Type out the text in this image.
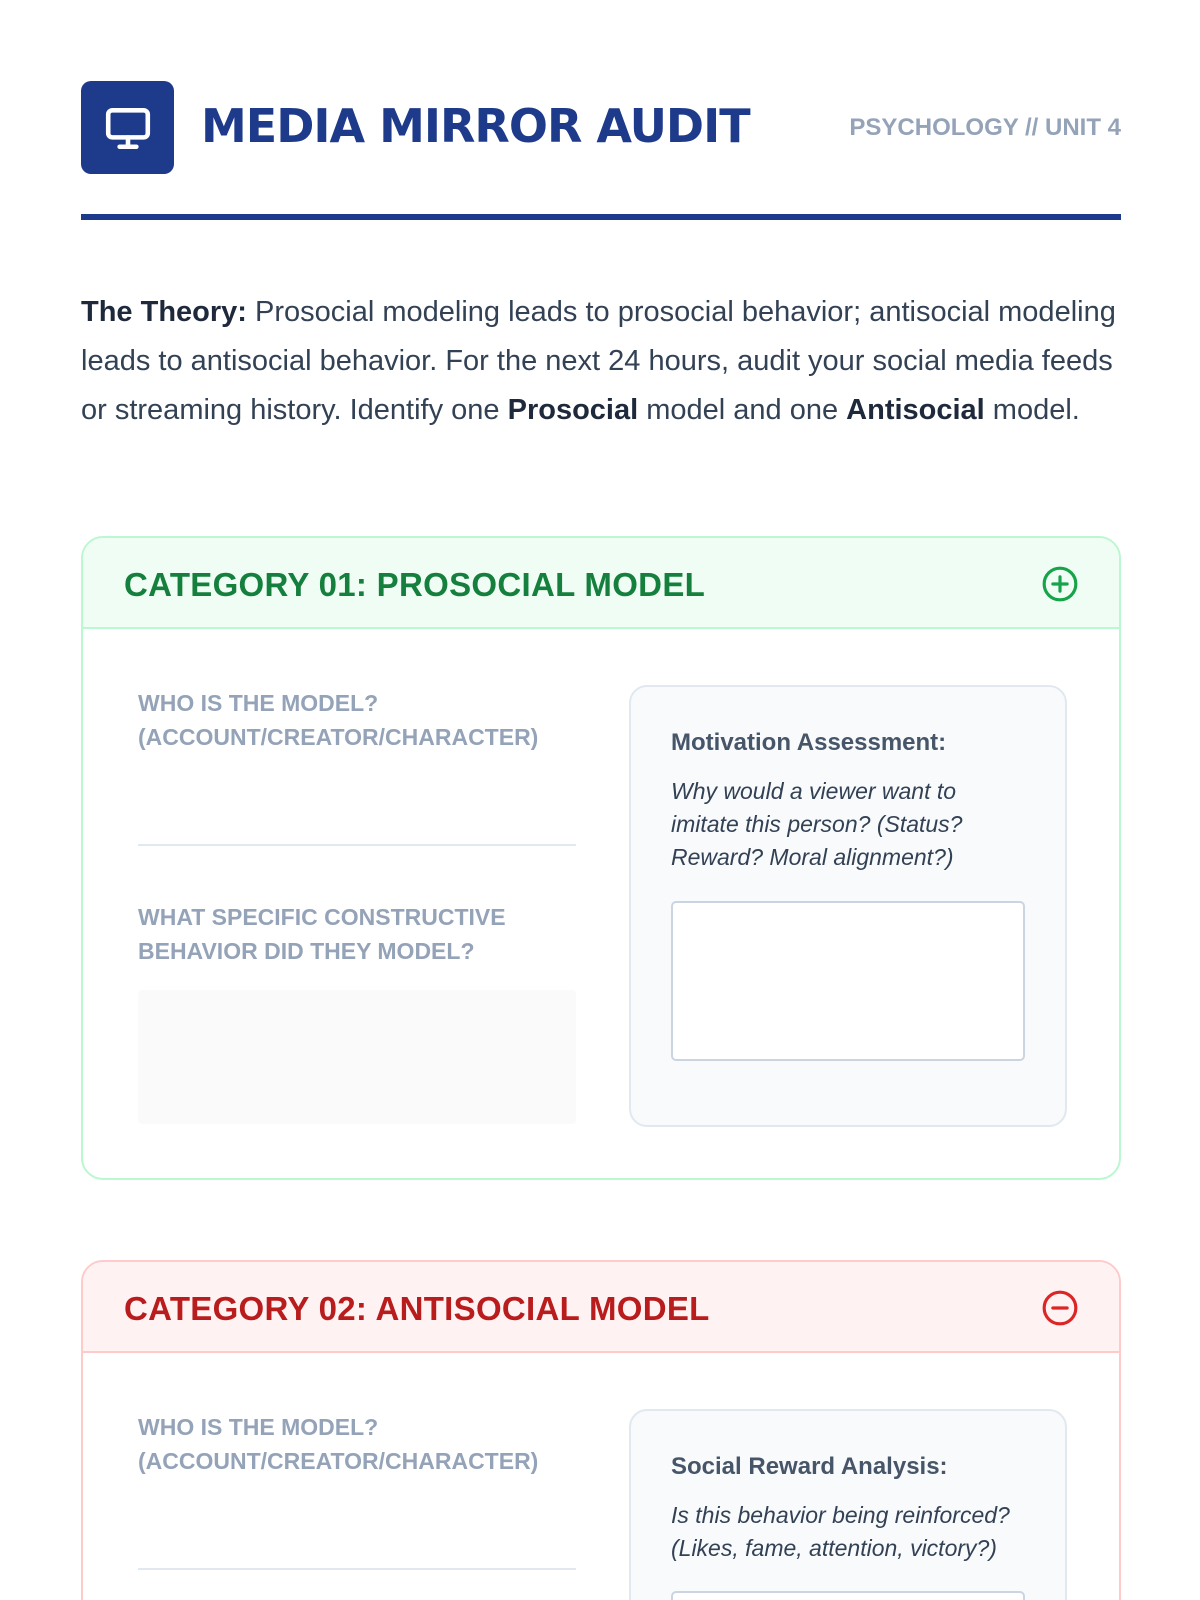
MEDIA MIRROR AUDIT	PSYCHOLOGY // UNIT 4

The Theory: Prosocial modeling leads to prosocial behavior; antisocial modeling leads to antisocial behavior. For the next 24 hours, audit your social media feeds or streaming history. Identify one Prosocial model and one Antisocial model.

CATEGORY 01: PROSOCIAL MODEL
WHO IS THE MODEL? (ACCOUNT/CREATOR/CHARACTER)
WHAT SPECIFIC CONSTRUCTIVE BEHAVIOR DID THEY MODEL?
Motivation Assessment:
Why would a viewer want to imitate this person? (Status? Reward? Moral alignment?)
CATEGORY 02: ANTISOCIAL MODEL
WHO IS THE MODEL? (ACCOUNT/CREATOR/CHARACTER)	Social Reward Analysis:
Is this behavior being reinforced? (Likes, fame, attention, victory?)
